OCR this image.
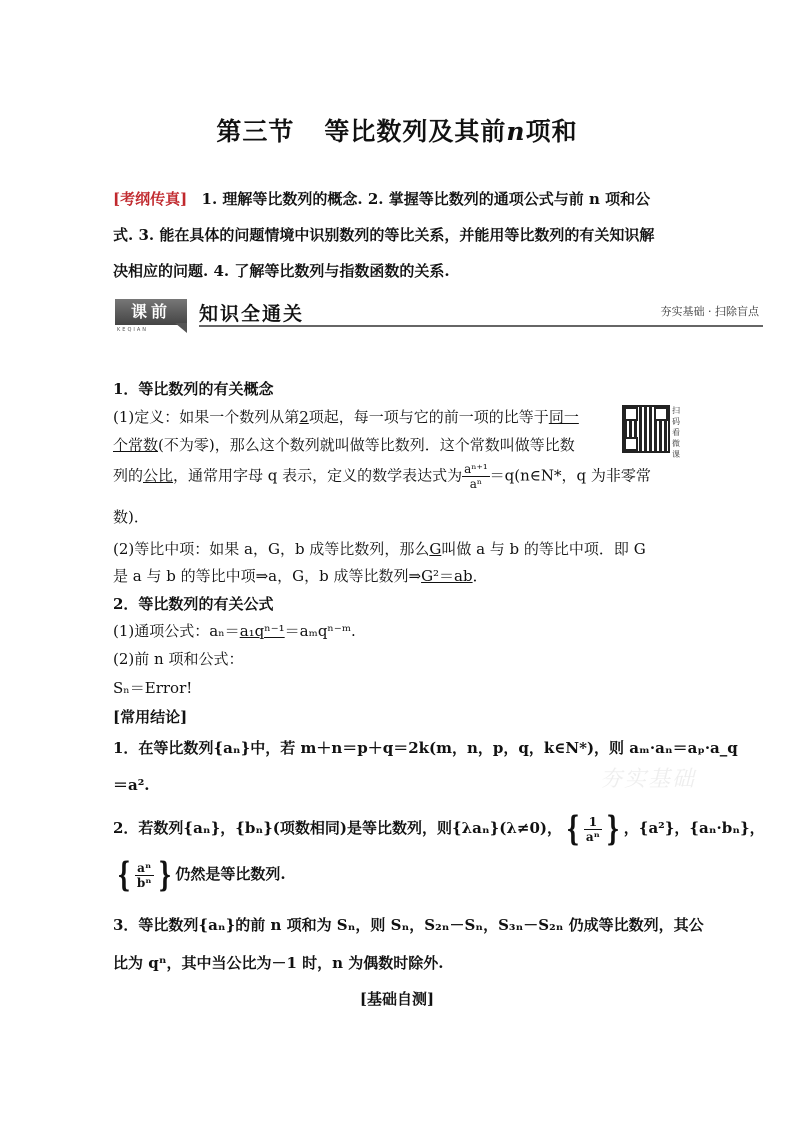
第三节 等比数列及其前n项和
[考纲传真] 1. 理解等比数列的概念. 2. 掌握等比数列的通项公式与前 n 项和公
式. 3. 能在具体的问题情境中识别数列的等比关系，并能用等比数列的有关知识解
决相应的问题. 4. 了解等比数列与指数函数的关系.
课前
KEQIAN
知识全通关	夯实基础 · 扫除盲点
1．等比数列的有关概念
(1)定义：如果一个数列从第2项起，每一项与它的前一项的比等于同一	扫码看微课
个常数(不为零)，那么这个数列就叫做等比数列．这个常数叫做等比数
列的公比，通常用字母 q 表示，定义的数学表达式为 $\frac{\text{aⁿ⁺¹}}{\text{aⁿ}}$ ＝q(n∈N*，q 为非零常
数)．
(2)等比中项：如果 a，G，b 成等比数列，那么G叫做 a 与 b 的等比中项．即 G
是 a 与 b 的等比中项⇒a，G，b 成等比数列⇒G²＝ab．
2．等比数列的有关公式
(1)通项公式：aₙ＝a₁qⁿ⁻¹＝aₘqⁿ⁻ᵐ.
(2)前 n 项和公式：
Sₙ＝Error!
[常用结论]
1．在等比数列{aₙ}中，若 m＋n＝p＋q＝2k(m，n，p，q，k∈N*)，则 aₘ·aₙ＝aₚ·a_q
＝a².	夯实基础
2．若数列{aₙ}，{bₙ}(项数相同)是等比数列，则{λaₙ}(λ≠0)， { $\frac{1}{\text{aⁿ}}$ } ，{a²}，{aₙ·bₙ}，
{ $\frac{\text{aⁿ}}{\text{bⁿ}}$ } 仍然是等比数列.
3．等比数列{aₙ}的前 n 项和为 Sₙ，则 Sₙ，S₂ₙ－Sₙ，S₃ₙ－S₂ₙ 仍成等比数列，其公
比为 qⁿ，其中当公比为－1 时，n 为偶数时除外.
[基础自测]
